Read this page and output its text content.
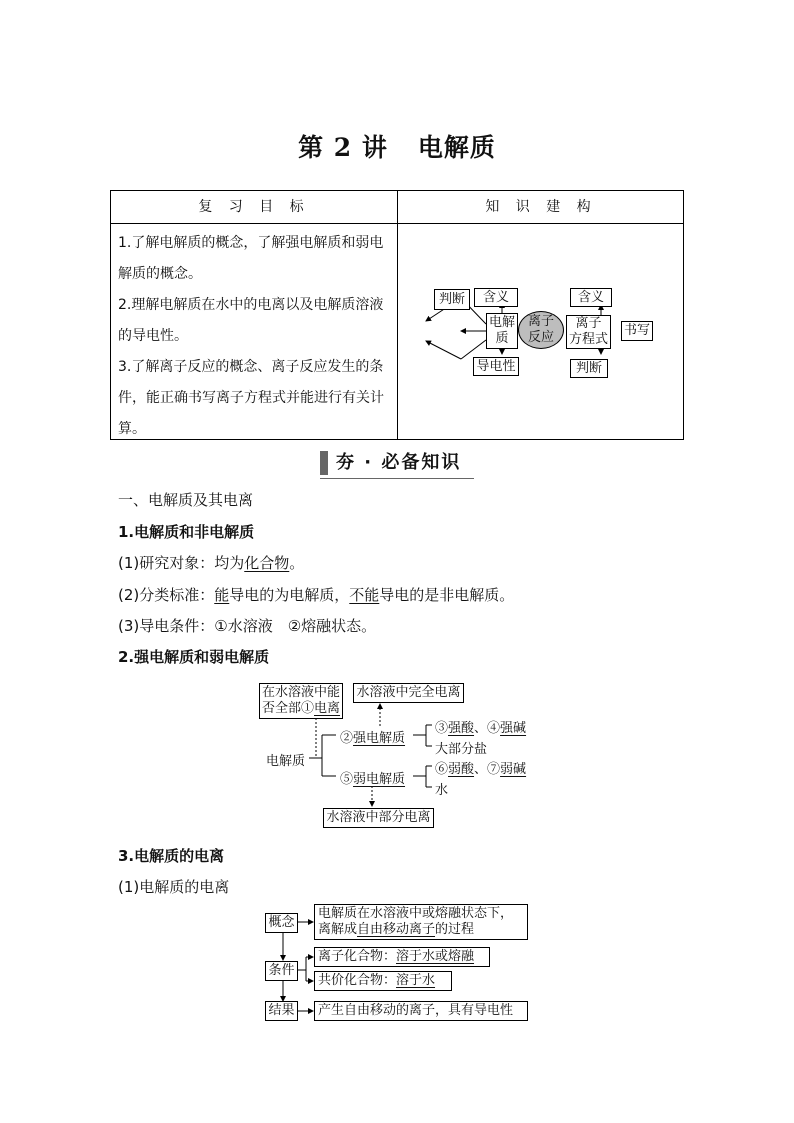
第 2 讲 电解质
复 习 目 标	知 识 建 构

1.了解电解质的概念，了解强电解质和弱电解质的概念。

2.理解电解质在水中的电离以及电解质溶液的导电性。

3.了解离子反应的概念、离子反应发生的条件，能正确书写离子方程式并能进行有关计算。

判断	含义
电解
质
导电性
离子
反应
含义
离子
方程式
判断
书写
夯 · 必备知识
一、电解质及其电离
1.电解质和非电解质
(1)研究对象：均为化合物。
(2)分类标准：能导电的为电解质，不能导电的是非电解质。
(3)导电条件：①水溶液　②熔融状态。
2.强电解质和弱电解质
在水溶液中能
否全部①电离
水溶液中完全电离
②强电解质
③强酸、④强碱
大部分盐
电解质
⑤弱电解质
⑥弱酸、⑦弱碱
水
水溶液中部分电离
3.电解质的电离
(1)电解质的电离
概念
电解质在水溶液中或熔融状态下，
离解成自由移动离子的过程
条件
离子化合物：溶于水或熔融
共价化合物：溶于水
结果	产生自由移动的离子，具有导电性
